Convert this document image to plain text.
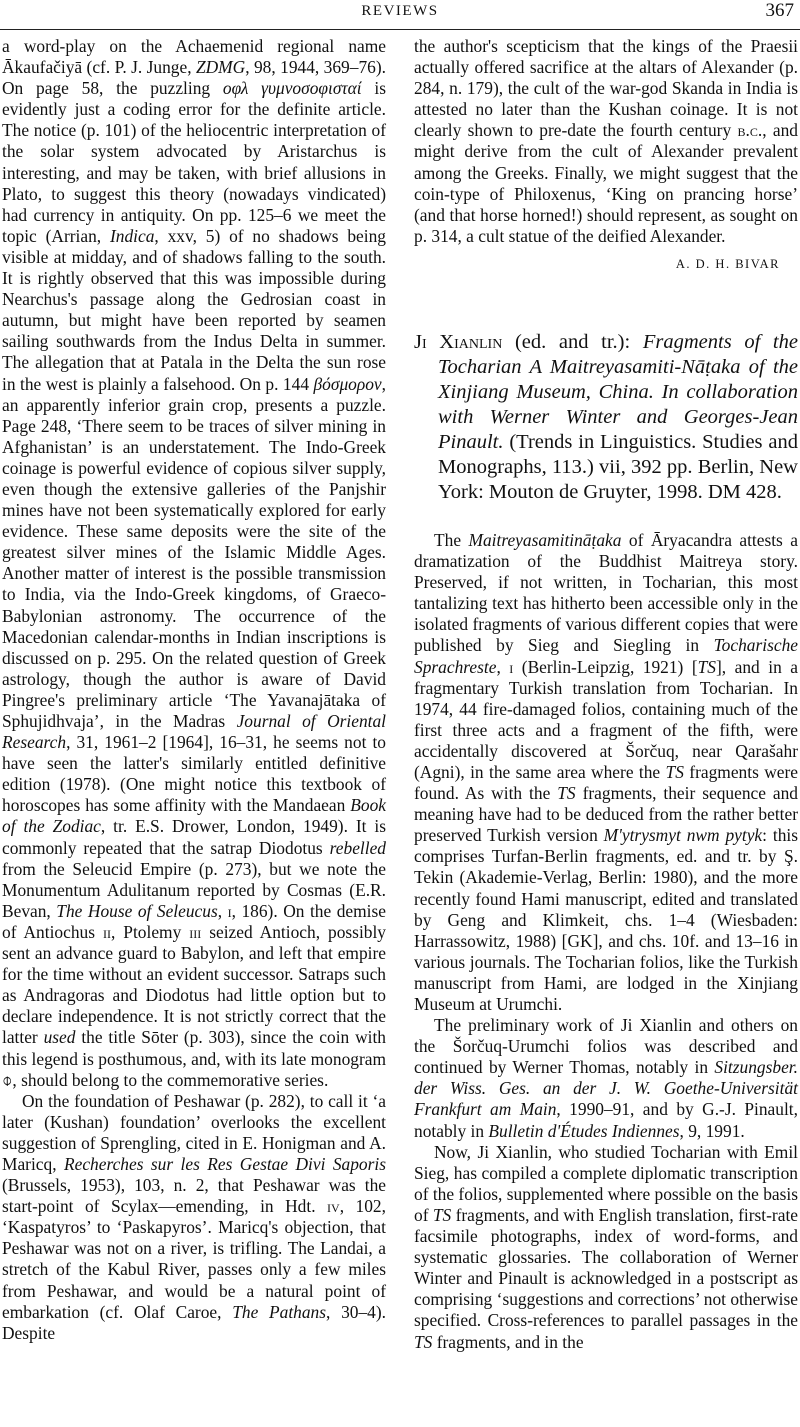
REVIEWS	367

a word-play on the Achaemenid regional name Ākaufačiyā (cf. P. J. Junge, ZDMG, 98, 1944, 369–76). On page 58, the puzzling οφλ γυμνοσοφισταί is evidently just a coding error for the definite article. The notice (p. 101) of the heliocentric interpretation of the solar system advocated by Aristarchus is interesting, and may be taken, with brief allusions in Plato, to suggest this theory (nowadays vindicated) had currency in antiquity. On pp. 125–6 we meet the topic (Arrian, Indica, xxv, 5) of no shadows being visible at midday, and of shadows falling to the south. It is rightly observed that this was impossible during Nearchus's passage along the Gedrosian coast in autumn, but might have been reported by seamen sailing southwards from the Indus Delta in summer. The allegation that at Patala in the Delta the sun rose in the west is plainly a falsehood. On p. 144 βόσμορον, an apparently inferior grain crop, presents a puzzle. Page 248, ‘There seem to be traces of silver mining in Afghanistan’ is an understatement. The Indo-Greek coinage is powerful evidence of copious silver supply, even though the extensive galleries of the Panjshir mines have not been systematically explored for early evidence. These same deposits were the site of the greatest silver mines of the Islamic Middle Ages. Another matter of interest is the possible transmission to India, via the Indo-Greek kingdoms, of Graeco-Babylonian astronomy. The occurrence of the Macedonian calendar-months in Indian inscriptions is discussed on p. 295. On the related question of Greek astrology, though the author is aware of David Pingree's preliminary article ‘The Yavanajātaka of Sphujidhvaja’, in the Madras Journal of Oriental Research, 31, 1961–2 [1964], 16–31, he seems not to have seen the latter's similarly entitled definitive edition (1978). (One might notice this textbook of horoscopes has some affinity with the Mandaean Book of the Zodiac, tr. E.S. Drower, London, 1949). It is commonly repeated that the satrap Diodotus rebelled from the Seleucid Empire (p. 273), but we note the Monumentum Adulitanum reported by Cosmas (E.R. Bevan, The House of Seleucus, i, 186). On the demise of Antiochus ii, Ptolemy iii seized Antioch, possibly sent an advance guard to Babylon, and left that empire for the time without an evident successor. Satraps such as Andragoras and Diodotus had little option but to declare independence. It is not strictly correct that the latter used the title Sōter (p. 303), since the coin with this legend is posthumous, and, with its late monogram ⌽, should belong to the commemorative series.

On the foundation of Peshawar (p. 282), to call it ‘a later (Kushan) foundation’ overlooks the excellent suggestion of Sprengling, cited in E. Honigman and A. Maricq, Recherches sur les Res Gestae Divi Saporis (Brussels, 1953), 103, n. 2, that Peshawar was the start-point of Scylax—emending, in Hdt. iv, 102, ‘Kaspatyros’ to ‘Paskapyros’. Maricq's objection, that Peshawar was not on a river, is trifling. The Landai, a stretch of the Kabul River, passes only a few miles from Peshawar, and would be a natural point of embarkation (cf. Olaf Caroe, The Pathans, 30–4). Despite

the author's scepticism that the kings of the Praesii actually offered sacrifice at the altars of Alexander (p. 284, n. 179), the cult of the war-god Skanda in India is attested no later than the Kushan coinage. It is not clearly shown to pre-date the fourth century b.c., and might derive from the cult of Alexander prevalent among the Greeks. Finally, we might suggest that the coin-type of Philoxenus, ‘King on prancing horse’ (and that horse horned!) should represent, as sought on p. 314, a cult statue of the deified Alexander.

A. D. H. BIVAR

Ji Xianlin (ed. and tr.): Fragments of the Tocharian A Maitreyasamiti-Nāṭaka of the Xinjiang Museum, China. In collaboration with Werner Winter and Georges-Jean Pinault. (Trends in Linguistics. Studies and Monographs, 113.) vii, 392 pp. Berlin, New York: Mouton de Gruyter, 1998. DM 428.

The Maitreyasamitināṭaka of Āryacandra attests a dramatization of the Buddhist Maitreya story. Preserved, if not written, in Tocharian, this most tantalizing text has hitherto been accessible only in the isolated fragments of various different copies that were published by Sieg and Siegling in Tocharische Sprachreste, i (Berlin-Leipzig, 1921) [TS], and in a fragmentary Turkish translation from Tocharian. In 1974, 44 fire-damaged folios, containing much of the first three acts and a fragment of the fifth, were accidentally discovered at Šorčuq, near Qarašahr (Agni), in the same area where the TS fragments were found. As with the TS fragments, their sequence and meaning have had to be deduced from the rather better preserved Turkish version M'ytrysmyt nwm pytyk: this comprises Turfan-Berlin fragments, ed. and tr. by Ş. Tekin (Akademie-Verlag, Berlin: 1980), and the more recently found Hami manuscript, edited and translated by Geng and Klimkeit, chs. 1–4 (Wiesbaden: Harrassowitz, 1988) [GK], and chs. 10f. and 13–16 in various journals. The Tocharian folios, like the Turkish manuscript from Hami, are lodged in the Xinjiang Museum at Urumchi.

The preliminary work of Ji Xianlin and others on the Šorčuq-Urumchi folios was described and continued by Werner Thomas, notably in Sitzungsber. der Wiss. Ges. an der J. W. Goethe-Universität Frankfurt am Main, 1990–91, and by G.-J. Pinault, notably in Bulletin d'Études Indiennes, 9, 1991.

Now, Ji Xianlin, who studied Tocharian with Emil Sieg, has compiled a complete diplomatic transcription of the folios, supplemented where possible on the basis of TS fragments, and with English translation, first-rate facsimile photographs, index of word-forms, and systematic glossaries. The collaboration of Werner Winter and Pinault is acknowledged in a postscript as comprising ‘suggestions and corrections’ not otherwise specified. Cross-references to parallel passages in the TS fragments, and in the
